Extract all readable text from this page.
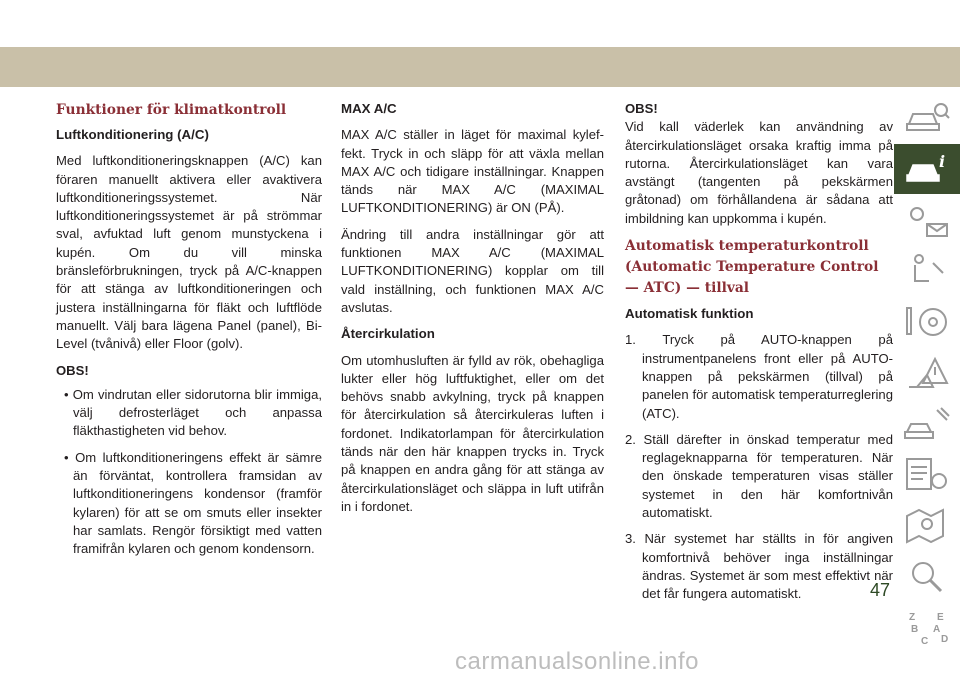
Funktioner för klimatkontroll
Luftkonditionering (A/C)

Med luftkonditioneringsknappen (A/C) kan föraren manuellt aktivera eller avaktivera luftkonditioneringssystemet. När luftkonditioneringssystemet är på strömmar sval, avfuktad luft genom munstyckena i kupén. Om du vill minska bränsleförbrukningen, tryck på A/C-knappen för att stänga av luftkonditioneringen och justera inställningarna för fläkt och luftflöde manuellt. Välj bara lägena Panel (panel), Bi-Level (tvånivå) eller Floor (golv).

OBS!

• Om vindrutan eller sidorutorna blir immiga, välj defrosterläget och anpassa fläkthastigheten vid behov.

• Om luftkonditioneringens effekt är sämre än förväntat, kontrollera framsidan av luftkonditioneringens kondensor (framför kylaren) för att se om smuts eller insekter har samlats. Rengör försiktigt med vatten framifrån kylaren och genom kondensorn.

MAX A/C

MAX A/C ställer in läget för maximal kyleffekt. Tryck in och släpp för att växla mellan MAX A/C och tidigare inställningar. Knappen tänds när MAX A/C (MAXIMAL LUFTKONDITIONERING) är ON (PÅ).

Ändring till andra inställningar gör att funktionen MAX A/C (MAXIMAL LUFTKONDITIONERING) kopplar om till vald inställning, och funktionen MAX A/C avslutas.

Återcirkulation

Om utomhusluften är fylld av rök, obehagliga lukter eller hög luftfuktighet, eller om det behövs snabb avkylning, tryck på knappen för återcirkulation så återcirkuleras luften i fordonet. Indikatorlampan för återcirkulation tänds när den här knappen trycks in. Tryck på knappen en andra gång för att stänga av återcirkulationsläget och släppa in luft utifrån in i fordonet.

OBS!

Vid kall väderlek kan användning av återcirkulationsläget orsaka kraftig imma på rutorna. Återcirkulationsläget kan vara avstängt (tangenten på pekskärmen gråtonad) om förhållandena är sådana att imbildning kan uppkomma i kupén.

Automatisk temperaturkontroll (Automatic Temperature Control — ATC) — tillval
Automatisk funktion

1. Tryck på AUTO-knappen på instrumentpanelens front eller på AUTO-knappen på pekskärmen (tillval) på panelen för automatisk temperaturreglering (ATC).

2. Ställ därefter in önskad temperatur med reglageknapparna för temperaturen. När den önskade temperaturen visas ställer systemet in den här komfortnivån automatiskt.

3. När systemet har ställts in för angiven komfortnivå behöver inga inställningar ändras. Systemet är som mest effektivt när det får fungera automatiskt.

i
Z E
B A
C D
47
carmanualsonline.info
